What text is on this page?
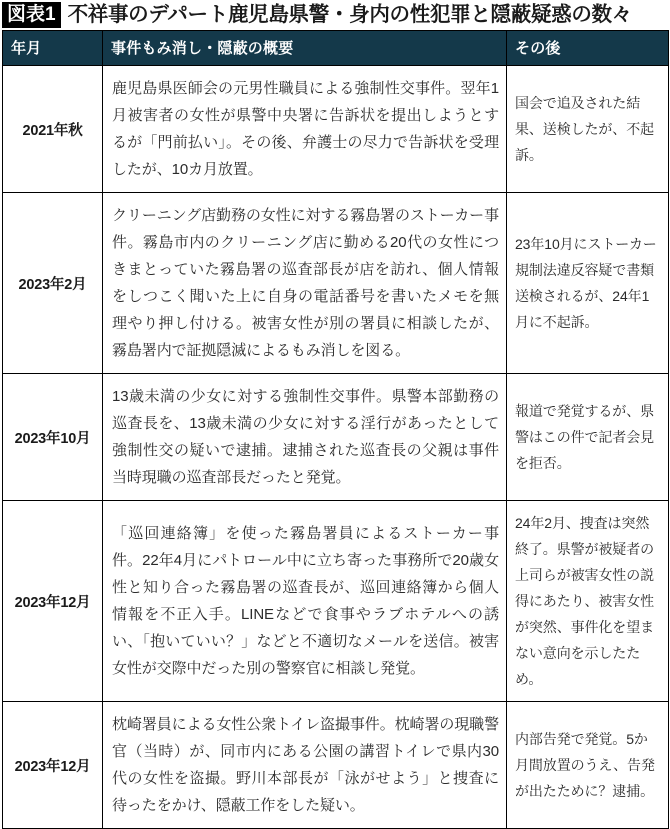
図表1 不祥事のデパート鹿児島県警・身内の性犯罪と隠蔽疑惑の数々
年月	事件もみ消し・隠蔽の概要	その後
2021年秋	鹿児島県医師会の元男性職員による強制性交事件。翌年1月被害者の女性が県警中央署に告訴状を提出しようとするが「門前払い」。その後、弁護士の尽力で告訴状を受理したが、10カ月放置。	国会で追及された結果、送検したが、不起訴。
2023年2月	クリーニング店勤務の女性に対する霧島署のストーカー事件。霧島市内のクリーニング店に勤める20代の女性につきまとっていた霧島署の巡査部長が店を訪れ、個人情報をしつこく聞いた上に自身の電話番号を書いたメモを無理やり押し付ける。被害女性が別の署員に相談したが、霧島署内で証拠隠滅によるもみ消しを図る。	23年10月にストーカー規制法違反容疑で書類送検されるが、24年1月に不起訴。
2023年10月	13歳未満の少女に対する強制性交事件。県警本部勤務の巡査長を、13歳未満の少女に対する淫行があったとして強制性交の疑いで逮捕。逮捕された巡査長の父親は事件当時現職の巡査部長だったと発覚。	報道で発覚するが、県警はこの件で記者会見を拒否。
2023年12月	「巡回連絡簿」を使った霧島署員によるストーカー事件。22年4月にパトロール中に立ち寄った事務所で20歳女性と知り合った霧島署の巡査長が、巡回連絡簿から個人情報を不正入手。LINEなどで食事やラブホテルへの誘い、「抱いていい？」などと不適切なメールを送信。被害女性が交際中だった別の警察官に相談し発覚。	24年2月、捜査は突然終了。県警が被疑者の上司らが被害女性の説得にあたり、被害女性が突然、事件化を望まない意向を示したため。
2023年12月	枕崎署員による女性公衆トイレ盗撮事件。枕崎署の現職警官（当時）が、同市内にある公園の講習トイレで県内30代の女性を盗撮。野川本部長が「泳がせよう」と捜査に待ったをかけ、隠蔽工作をした疑い。	内部告発で発覚。5か月間放置のうえ、告発が出たために？逮捕。
